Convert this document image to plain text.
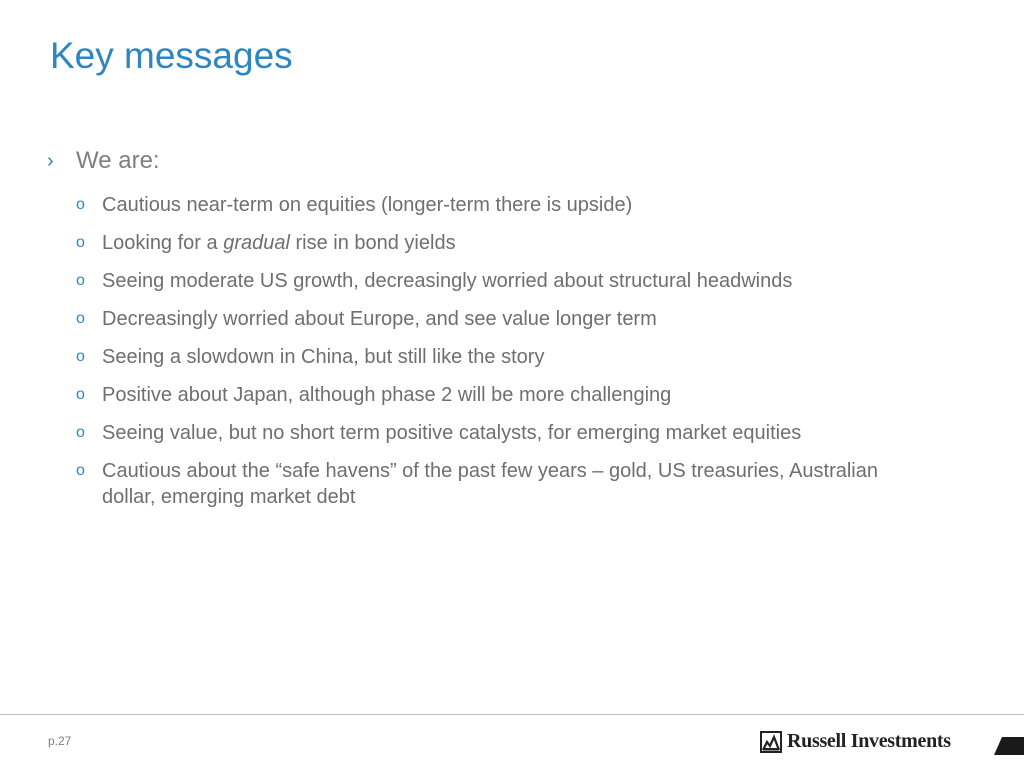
Key messages
› We are:
o Cautious near-term on equities (longer-term there is upside)
o Looking for a gradual rise in bond yields
o Seeing moderate US growth, decreasingly worried about structural headwinds
o Decreasingly worried about Europe, and see value longer term
o Seeing a slowdown in China, but still like the story
o Positive about Japan, although phase 2 will be more challenging
o Seeing value, but no short term positive catalysts, for emerging market equities
o Cautious about the “safe havens” of the past few years – gold, US treasuries, Australian dollar, emerging market debt
p.27	Russell Investments
